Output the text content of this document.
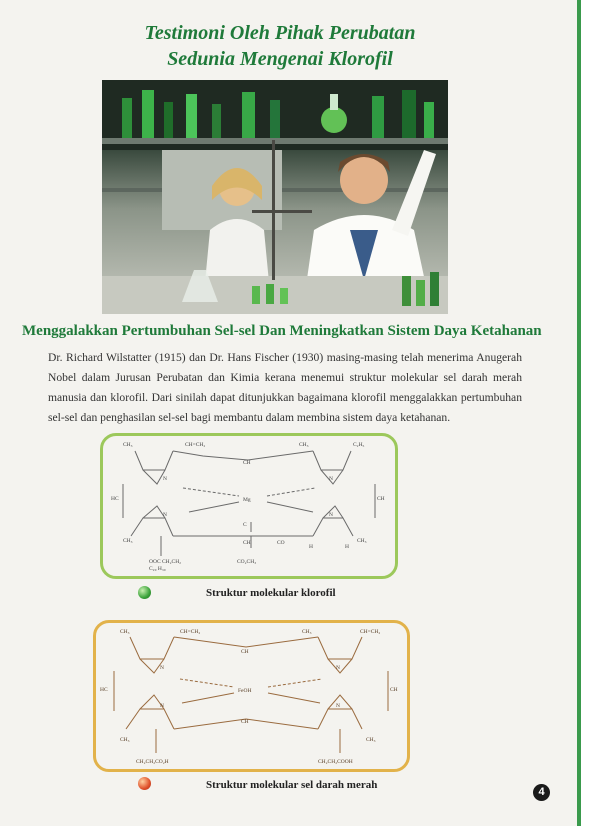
Testimoni Oleh Pihak Perubatan
Sedunia Mengenai Klorofil
Menggalakkan Pertumbuhan Sel-sel Dan Meningkatkan Sistem Daya Ketahanan
Dr. Richard Wilstatter (1915) dan Dr. Hans Fischer (1930) masing-masing telah menerima Anugerah Nobel dalam Jurusan Perubatan dan Kimia kerana menemui struktur molekular sel darah merah manusia dan klorofil. Dari sinilah dapat ditunjukkan bagaimana klorofil menggalakkan pertumbuhan sel-sel dan penghasilan sel-sel bagi membantu dalam membina sistem daya ketahanan.
CH₃	CH=CH₂	CH₃	C₂H₅
CH
HC	CH
Mg
N	N
N	N
CH₃
C
CH	CO
H	H
CH₃
OOC CH₂CH₂
C₂₀ H₃₉
CO₂CH₃
Struktur molekular klorofil
CH₃	CH=CH₂	CH₃	CH=CH₂
CH
HC	CH
FeOH
N	N
N	N
CH
CH₃	CH₃
CH₂CH₂CO₂H	CH₂CH₂COOH
Struktur molekular sel darah merah
4
